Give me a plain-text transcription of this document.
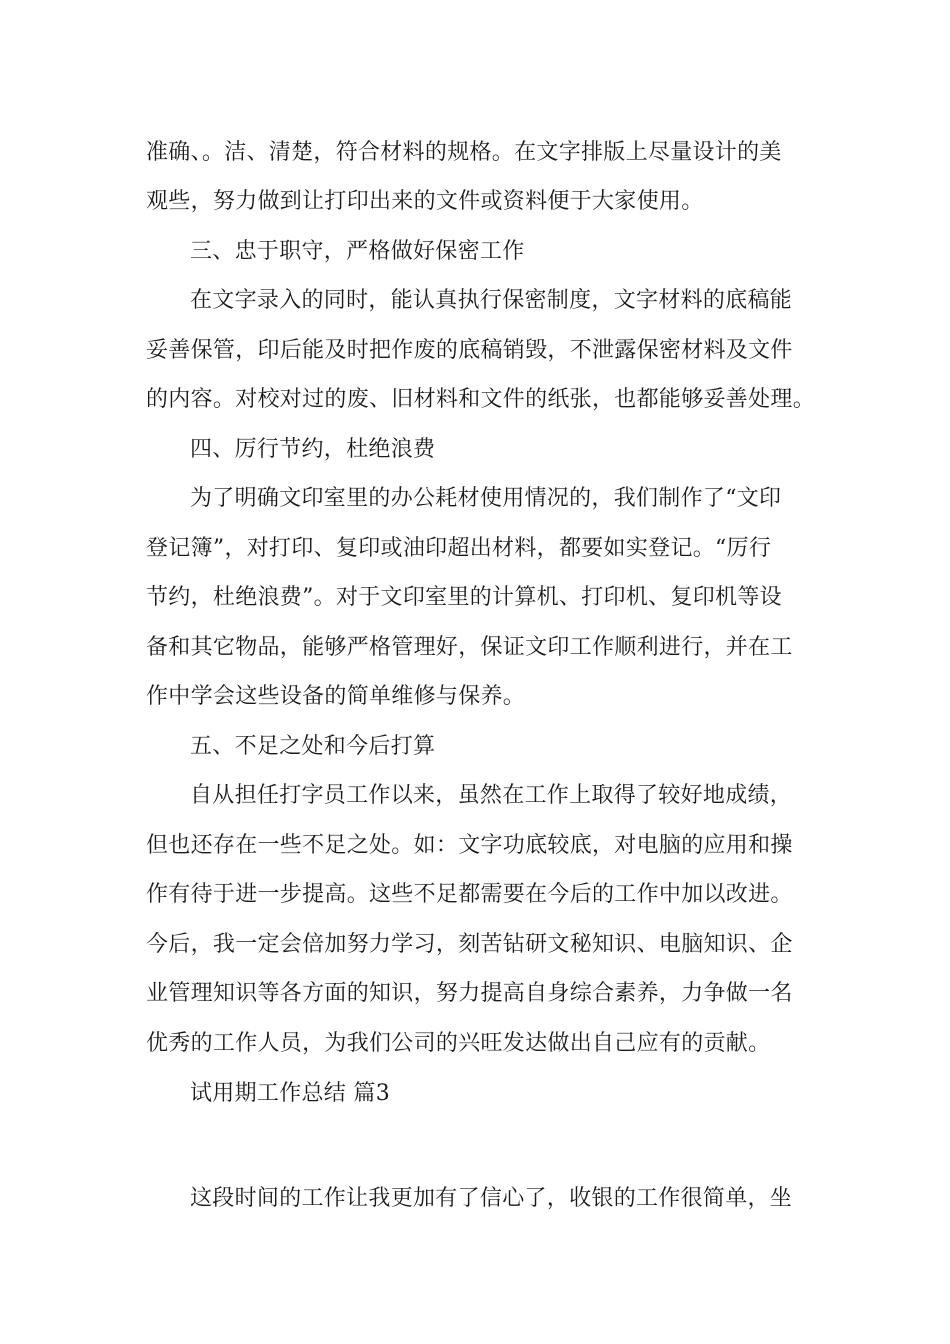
准确、。洁、清楚，符合材料的规格。在文字排版上尽量设计的美
观些，努力做到让打印出来的文件或资料便于大家使用。
三、忠于职守，严格做好保密工作
在文字录入的同时，能认真执行保密制度，文字材料的底稿能
妥善保管，印后能及时把作废的底稿销毁，不泄露保密材料及文件
的内容。对校对过的废、旧材料和文件的纸张，也都能够妥善处理。
四、厉行节约，杜绝浪费
为了明确文印室里的办公耗材使用情况的，我们制作了“文印
登记簿”，对打印、复印或油印超出材料，都要如实登记。“厉行
节约，杜绝浪费”。对于文印室里的计算机、打印机、复印机等设
备和其它物品，能够严格管理好，保证文印工作顺利进行，并在工
作中学会这些设备的简单维修与保养。
五、不足之处和今后打算
自从担任打字员工作以来，虽然在工作上取得了较好地成绩，
但也还存在一些不足之处。如：文字功底较底，对电脑的应用和操
作有待于进一步提高。这些不足都需要在今后的工作中加以改进。
今后，我一定会倍加努力学习，刻苦钻研文秘知识、电脑知识、企
业管理知识等各方面的知识，努力提高自身综合素养，力争做一名
优秀的工作人员，为我们公司的兴旺发达做出自己应有的贡献。
试用期工作总结 篇3
这段时间的工作让我更加有了信心了，收银的工作很简单，坐
